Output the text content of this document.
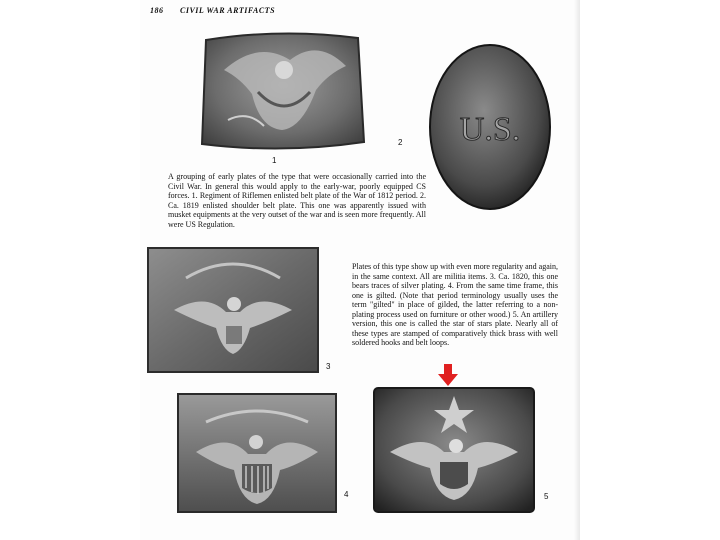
186 CIVIL WAR ARTIFACTS
1
U.S.
2
A grouping of early plates of the type that were occasionally carried into the Civil War. In general this would apply to the early-war, poorly equipped CS forces. 1. Regiment of Riflemen enlisted belt plate of the War of 1812 period. 2. Ca. 1819 enlisted shoulder belt plate. This one was apparently issued with musket equipments at the very outset of the war and is seen more frequently. All were US Regulation.
3
Plates of this type show up with even more regularity and again, in the same context. All are militia items. 3. Ca. 1820, this one bears traces of silver plating. 4. From the same time frame, this one is gilted. (Note that period terminology usually uses the term "gilted" in place of gilded, the latter referring to a non-plating process used on furniture or other wood.) 5. An artillery version, this one is called the star of stars plate. Nearly all of these types are stamped of comparatively thick brass with well soldered hooks and belt loops.
4	5
